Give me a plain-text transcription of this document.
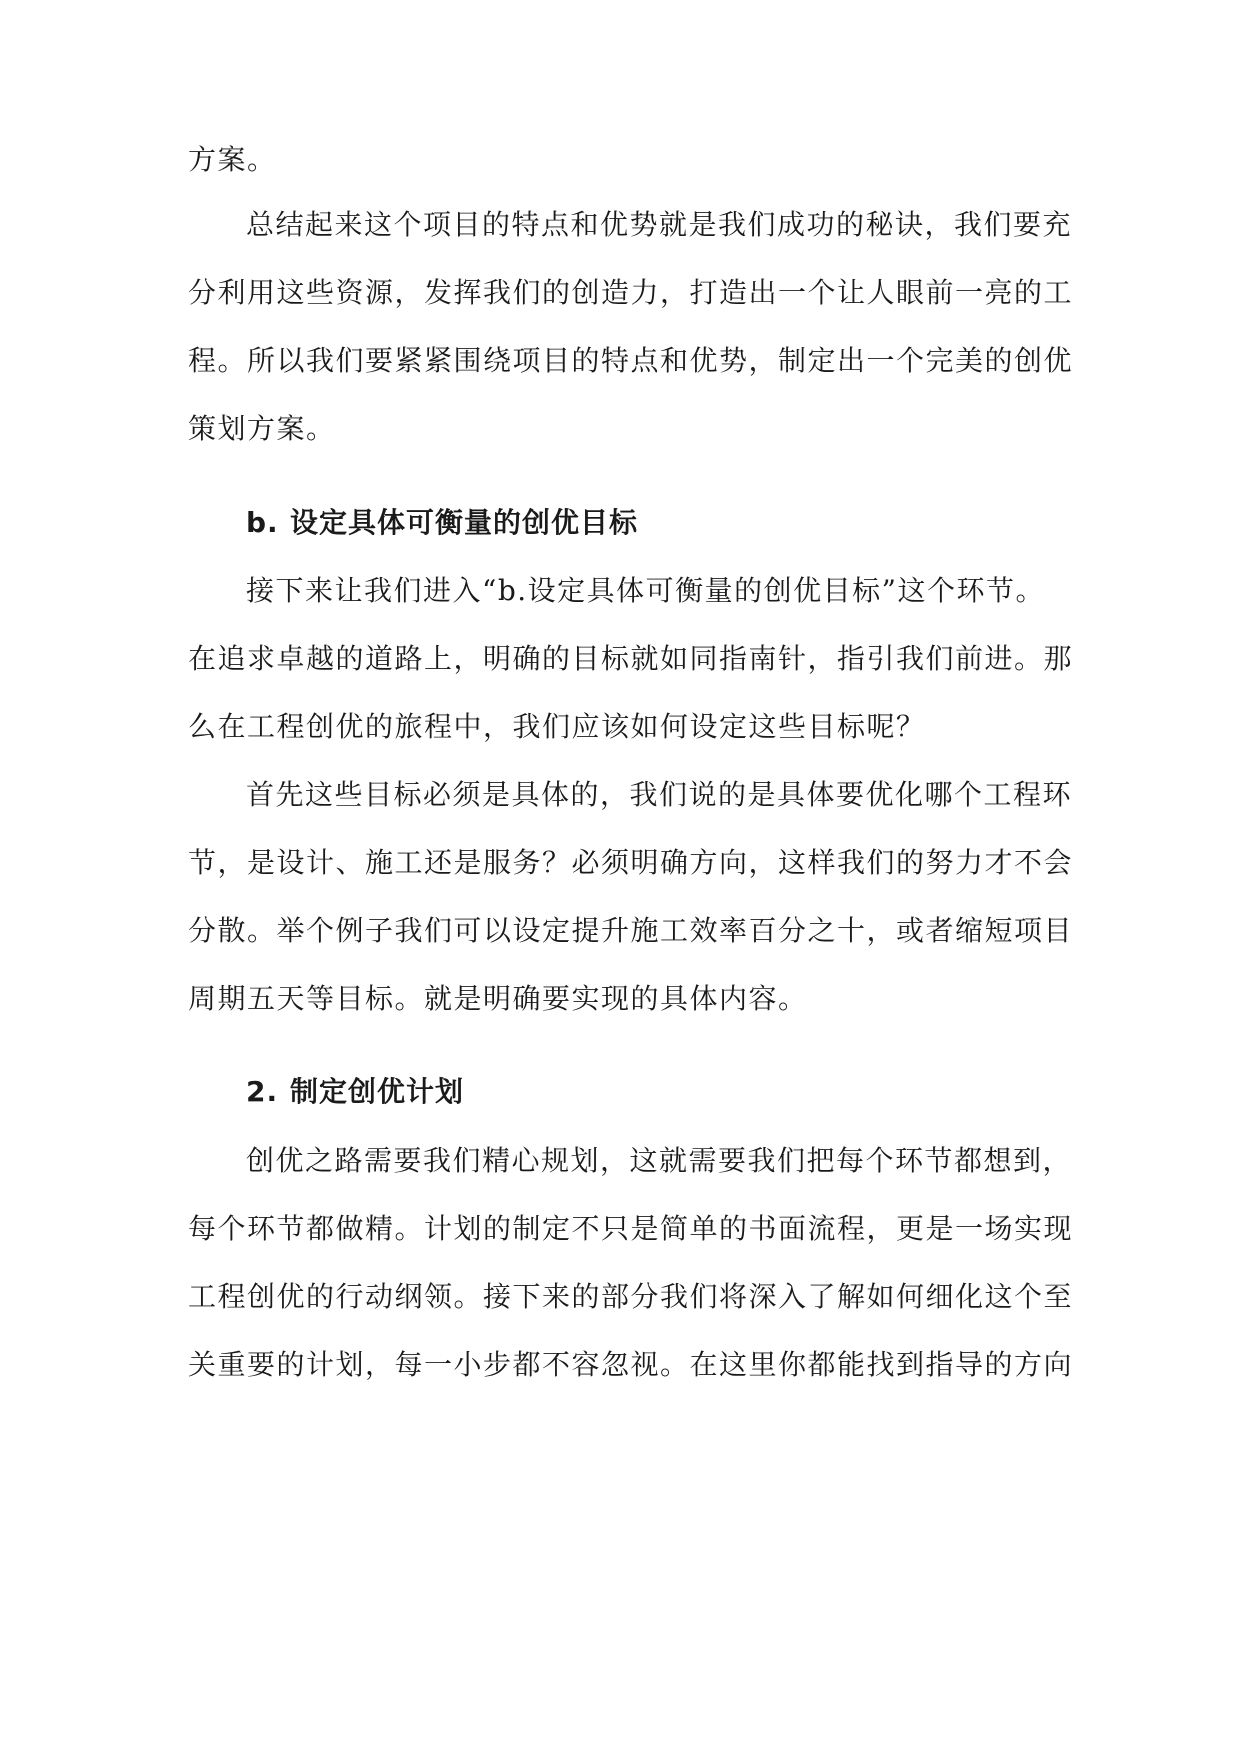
方案。
总结起来这个项目的特点和优势就是我们成功的秘诀，我们要充
分利用这些资源，发挥我们的创造力，打造出一个让人眼前一亮的工
程。所以我们要紧紧围绕项目的特点和优势，制定出一个完美的创优
策划方案。
b. 设定具体可衡量的创优目标
接下来让我们进入“b.设定具体可衡量的创优目标”这个环节。
在追求卓越的道路上，明确的目标就如同指南针，指引我们前进。那
么在工程创优的旅程中，我们应该如何设定这些目标呢？
首先这些目标必须是具体的，我们说的是具体要优化哪个工程环
节，是设计、施工还是服务？必须明确方向，这样我们的努力才不会
分散。举个例子我们可以设定提升施工效率百分之十，或者缩短项目
周期五天等目标。就是明确要实现的具体内容。
2. 制定创优计划
创优之路需要我们精心规划，这就需要我们把每个环节都想到，
每个环节都做精。计划的制定不只是简单的书面流程，更是一场实现
工程创优的行动纲领。接下来的部分我们将深入了解如何细化这个至
关重要的计划，每一小步都不容忽视。在这里你都能找到指导的方向
